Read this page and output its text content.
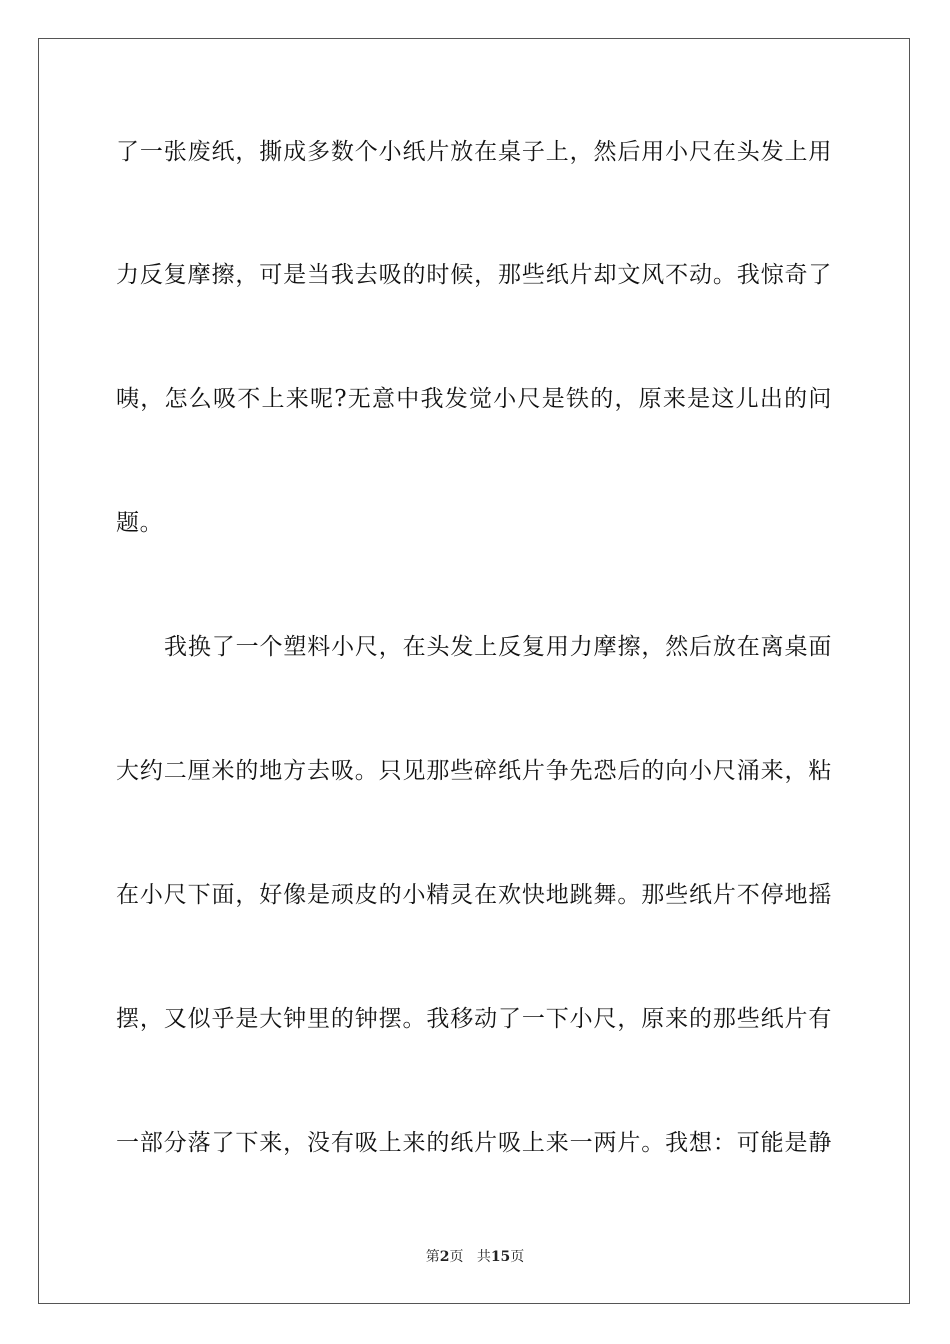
了一张废纸，撕成多数个小纸片放在桌子上，然后用小尺在头发上用
力反复摩擦，可是当我去吸的时候，那些纸片却文风不动。我惊奇了
咦，怎么吸不上来呢?无意中我发觉小尺是铁的，原来是这儿出的问
题。
我换了一个塑料小尺，在头发上反复用力摩擦，然后放在离桌面
大约二厘米的地方去吸。只见那些碎纸片争先恐后的向小尺涌来，粘
在小尺下面，好像是顽皮的小精灵在欢快地跳舞。那些纸片不停地摇
摆，又似乎是大钟里的钟摆。我移动了一下小尺，原来的那些纸片有
一部分落了下来，没有吸上来的纸片吸上来一两片。我想：可能是静
第2页 共15页
